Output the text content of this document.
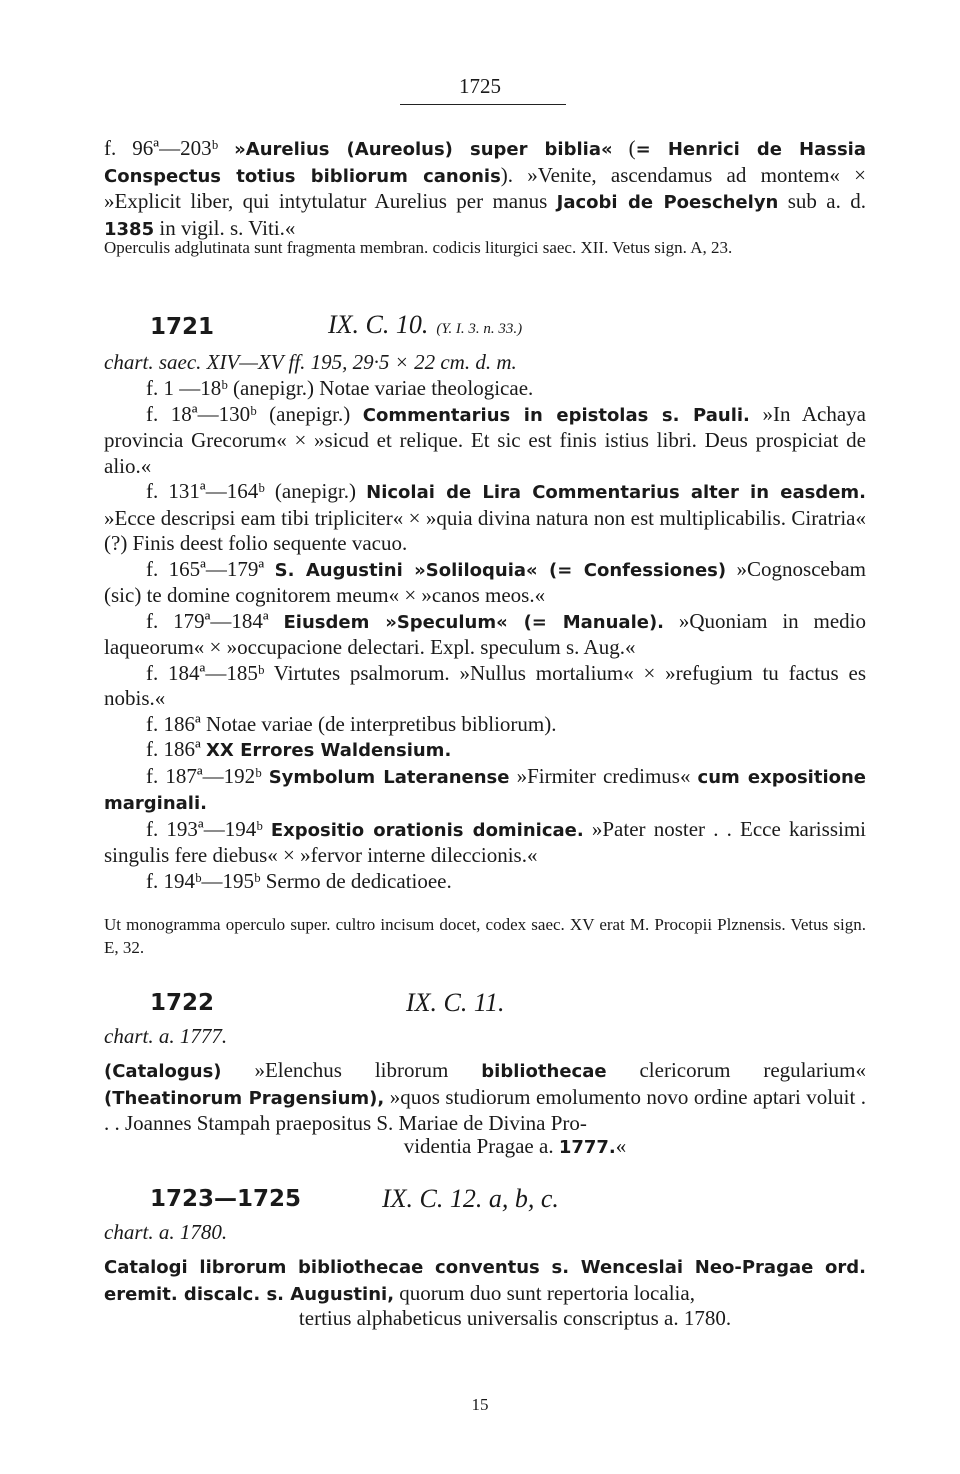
1725
f. 96ª—203ᵇ »Aurelius (Aureolus) super biblia« (= Henrici de Hassia Conspectus totius bibliorum canonis). »Venite, ascendamus ad montem« × »Explicit liber, qui intytulatur Aurelius per manus Jacobi de Poeschelyn sub a. d. 1385 in vigil. s. Viti.«
Operculis adglutinata sunt fragmenta membran. codicis liturgici saec. XII. Vetus sign. A, 23.
1721	IX. C. 10. (Y. I. 3. n. 33.)
chart. saec. XIV—XV ff. 195, 29·5 × 22 cm. d. m.
f. 1 —18ᵇ (anepigr.) Notae variae theologicae.
f. 18ª—130ᵇ (anepigr.) Commentarius in epistolas s. Pauli. »In Achaya provincia Grecorum« × »sicud et relique. Et sic est finis istius libri. Deus prospiciat de alio.«
f. 131ª—164ᵇ (anepigr.) Nicolai de Lira Commentarius alter in easdem. »Ecce descripsi eam tibi tripliciter« × »quia divina natura non est multiplicabilis. Ciratria« (?) Finis deest folio sequente vacuo.
f. 165ª—179ª S. Augustini »Soliloquia« (= Confessiones) »Cognoscebam (sic) te domine cognitorem meum« × »canos meos.«
f. 179ª—184ª Eiusdem »Speculum« (= Manuale). »Quoniam in medio laqueorum« × »occupacione delectari. Expl. speculum s. Aug.«
f. 184ª—185ᵇ Virtutes psalmorum. »Nullus mortalium« × »refugium tu factus es nobis.«
f. 186ª Notae variae (de interpretibus bibliorum).
f. 186ª XX Errores Waldensium.
f. 187ª—192ᵇ Symbolum Lateranense »Firmiter credimus« cum expositione marginali.
f. 193ª—194ᵇ Expositio orationis dominicae. »Pater noster . . Ecce karissimi singulis fere diebus« × »fervor interne dileccionis.«
f. 194ᵇ—195ᵇ Sermo de dedicatioee.
Ut monogramma operculo super. cultro incisum docet, codex saec. XV erat M. Procopii Plznensis. Vetus sign. E, 32.
1722	IX. C. 11.
chart. a. 1777.
(Catalogus) »Elenchus librorum bibliothecae clericorum regularium« (Theatinorum Pragensium), »quos studiorum emolumento novo ordine aptari voluit . . . Joannes Stampah praepositus S. Mariae de Divina Pro-
videntia Pragae a. 1777.«
1723—1725	IX. C. 12. a, b, c.
chart. a. 1780.
Catalogi librorum bibliothecae conventus s. Wenceslai Neo-Pragae ord. eremit. discalc. s. Augustini, quorum duo sunt repertoria localia,
tertius alphabeticus universalis conscriptus a. 1780.
15
